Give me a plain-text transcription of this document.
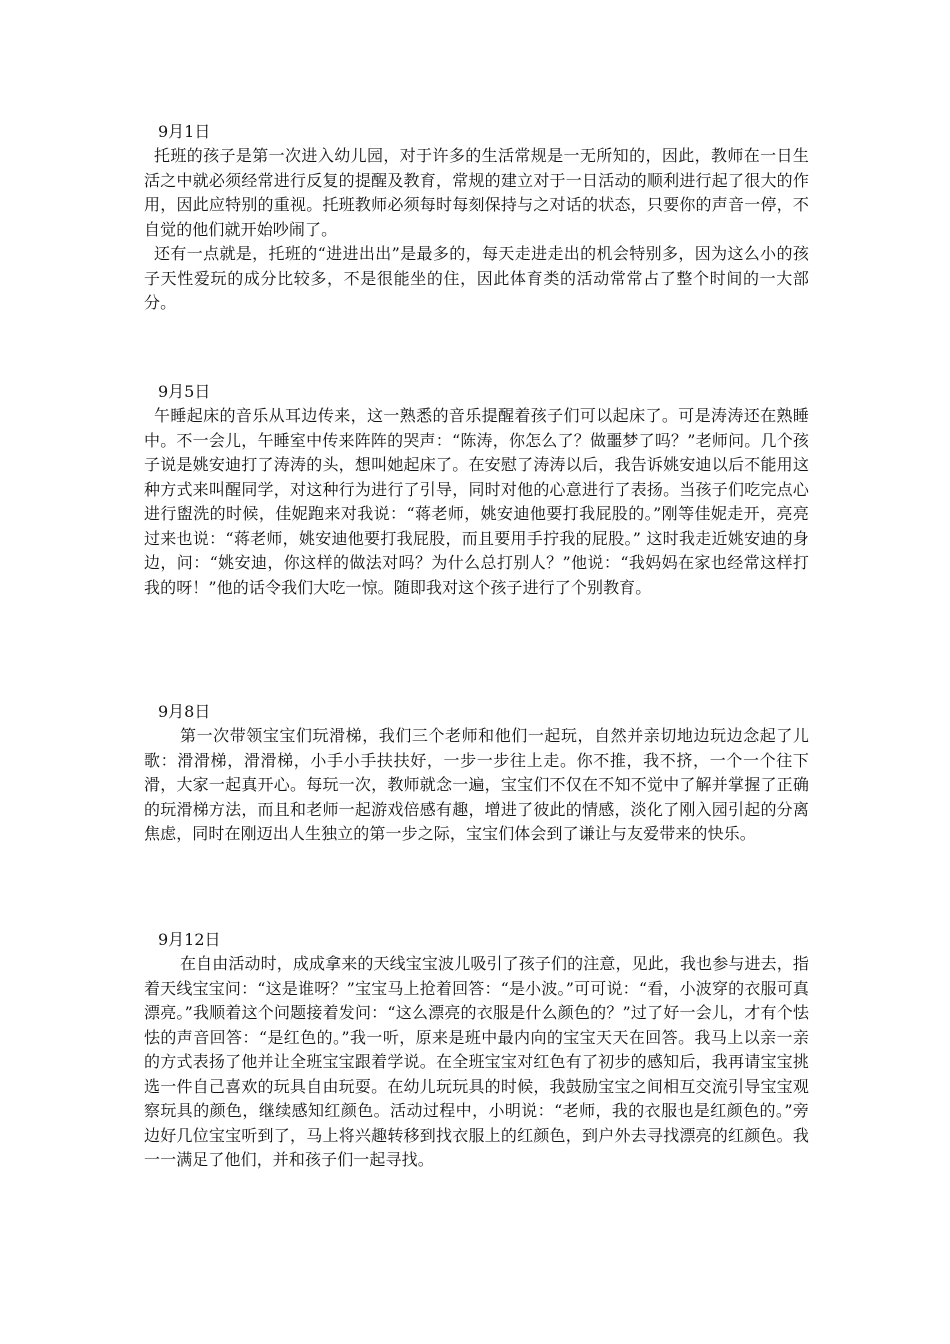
9月1日

托班的孩子是第一次进入幼儿园，对于许多的生活常规是一无所知的，因此，教师在一日生活之中就必须经常进行反复的提醒及教育，常规的建立对于一日活动的顺利进行起了很大的作用，因此应特别的重视。托班教师必须每时每刻保持与之对话的状态，只要你的声音一停，不自觉的他们就开始吵闹了。

还有一点就是，托班的“进进出出”是最多的，每天走进走出的机会特别多，因为这么小的孩子天性爱玩的成分比较多，不是很能坐的住，因此体育类的活动常常占了整个时间的一大部分。

9月5日

午睡起床的音乐从耳边传来，这一熟悉的音乐提醒着孩子们可以起床了。可是涛涛还在熟睡中。不一会儿，午睡室中传来阵阵的哭声：“陈涛，你怎么了？做噩梦了吗？”老师问。几个孩子说是姚安迪打了涛涛的头，想叫她起床了。在安慰了涛涛以后，我告诉姚安迪以后不能用这种方式来叫醒同学，对这种行为进行了引导，同时对他的心意进行了表扬。当孩子们吃完点心进行盥洗的时候，佳妮跑来对我说：“蒋老师，姚安迪他要打我屁股的。”刚等佳妮走开，亮亮过来也说：“蒋老师，姚安迪他要打我屁股，而且要用手拧我的屁股。” 这时我走近姚安迪的身边，问：“姚安迪，你这样的做法对吗？为什么总打别人？”他说：“我妈妈在家也经常这样打我的呀！”他的话令我们大吃一惊。随即我对这个孩子进行了个别教育。

9月8日

第一次带领宝宝们玩滑梯，我们三个老师和他们一起玩，自然并亲切地边玩边念起了儿歌：滑滑梯，滑滑梯，小手小手扶扶好，一步一步往上走。你不推，我不挤，一个一个往下滑，大家一起真开心。每玩一次，教师就念一遍，宝宝们不仅在不知不觉中了解并掌握了正确的玩滑梯方法，而且和老师一起游戏倍感有趣，增进了彼此的情感，淡化了刚入园引起的分离焦虑，同时在刚迈出人生独立的第一步之际，宝宝们体会到了谦让与友爱带来的快乐。

9月12日

在自由活动时，成成拿来的天线宝宝波儿吸引了孩子们的注意，见此，我也参与进去，指着天线宝宝问：“这是谁呀？”宝宝马上抢着回答：“是小波。”可可说：“看，小波穿的衣服可真漂亮。”我顺着这个问题接着发问：“这么漂亮的衣服是什么颜色的？”过了好一会儿，才有个怯怯的声音回答：“是红色的。”我一听，原来是班中最内向的宝宝天天在回答。我马上以亲一亲的方式表扬了他并让全班宝宝跟着学说。在全班宝宝对红色有了初步的感知后，我再请宝宝挑选一件自己喜欢的玩具自由玩耍。在幼儿玩玩具的时候，我鼓励宝宝之间相互交流引导宝宝观察玩具的颜色，继续感知红颜色。活动过程中，小明说：“老师，我的衣服也是红颜色的。”旁边好几位宝宝听到了，马上将兴趣转移到找衣服上的红颜色，到户外去寻找漂亮的红颜色。我一一满足了他们，并和孩子们一起寻找。
